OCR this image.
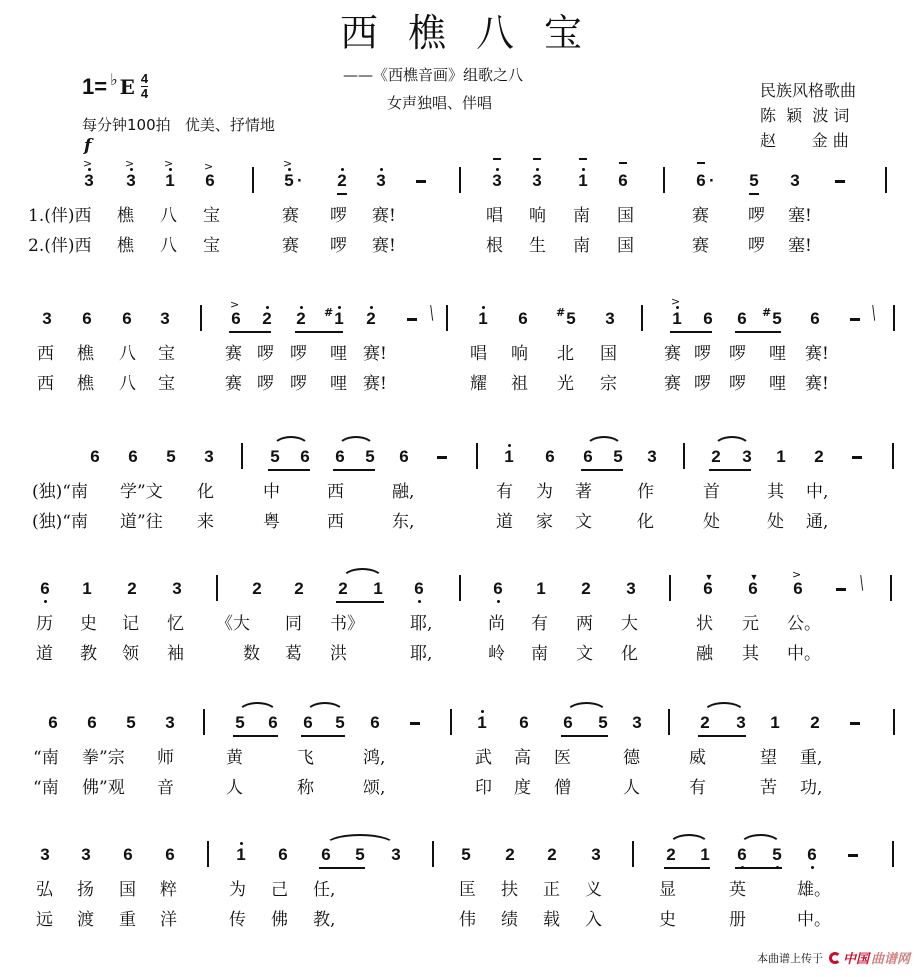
西樵八宝
——《西樵音画》组歌之八
女声独唱、伴唱
1= ♭ E $\frac{4}{4}$
每分钟100拍   优美、抒情地
f
民族风格歌曲
陈  颖  波 词
赵       金 曲
3
>
3
>
1
>
6
>
5
>
· 2 3	3 3 1 6	6 · 5 3
1.(伴)西 樵 八 宝	赛 啰 赛!	唱 响 南 国	赛 啰 塞!
2.(伴)西 樵 八 宝	赛 啰 赛!	根 生 南 国	赛 啰 塞!
3 6 6 3	6
>
2 2 1
# 2	╲ 1 6 5
# 3	1
>
6 6 5
# 6	╲
西 樵 八 宝	赛 啰 啰 哩 赛!	唱 响 北 国	赛 啰 啰 哩 赛!
西 樵 八 宝	赛 啰 啰 哩 赛!	耀 祖 光 宗	赛 啰 啰 哩 赛!
6 6 5 3	5 6 6 5 6	1 6 6 5 3	2 3 1 2
(独)“南 学”文 化	中	西	融,	有 为 著	作	首	其 中,
(独)“南 道”往 来	粤	西	东,	道 家 文	化	处	处 通,
6 1 2 3	2 2 2 1 6	6 1 2 3	6
▼
6
▼
6
>
╲
历 史 记 忆 《大 同 书》	耶,	尚 有 两 大	状 元 公。
道 教 领 袖	数 葛 洪	耶,	岭 南 文 化	融 其 中。
6 6 5 3	5 6 6 5 6	1 6 6 5 3	2 3 1 2
“南 拳”宗 师	黄	飞	鸿,	武 高 医	德	威	望 重,
“南 佛”观 音	人	称	颂,	印 度 僧	人	有	苦 功,
3 3 6 6	1 6 6 5 3	5 2 2 3	2 1 6 5 6
弘 扬 国 粹	为 己 任,	匡 扶 正 义	显	英	雄。
远 渡 重 洋	传 佛 教,	伟 绩 载 入	史	册	中。
本曲谱上传于 中国 曲谱网
